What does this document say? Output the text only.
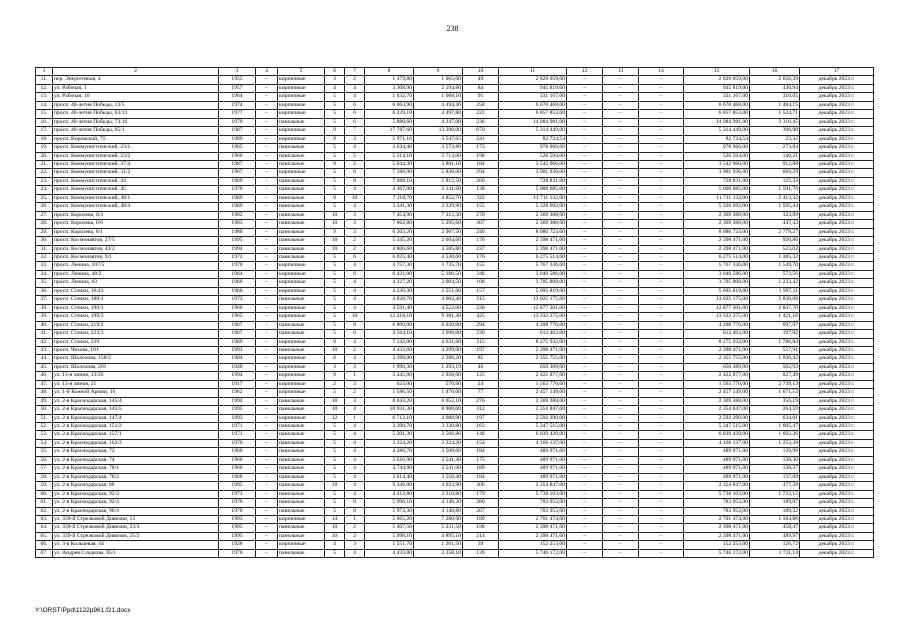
238
1	2	3	4	5	6	7	8	9	10	11	12	13	14	15	16	17
11.	пер. Энергетиков, 4	1955	–	кирпичные	3	2	1 479,80	1 065,00	49	2 829 059,00	–	–	–	2 829 059,00	2 656,39	декабрь 2023 г.
12.	ул. Рабочая, 1	1957	–	кирпичные	4	4	3 308,90	2 194,80	84	945 819,00	–	–	–	945 819,00	430,94	декабрь 2023 г.
13.	ул. Рабочая, 16	1964	–	кирпичные	5	4	1 632,70	1 068,10	91	331 167,00	–	–	–	331 167,00	310,05	декабрь 2023 г.
14.	просп. 40-летия Победы, 13/5	1974	–	кирпичные	5	6	6 064,90	4 494,46	258	6 670 468,00	–	–	–	6 670 468,00	1 484,15	декабрь 2023 г.
15.	просп. 40-летия Победы, 63/13	1977	–	кирпичные	5	6	6 239,10	4 497,80	222	6 857 853,00	–	–	–	6 857 853,00	1 524,71	декабрь 2023 г.
16.	просп. 40-летия Победы, 73/10	1979	–	панельные	5	6	5 880,60	4 247,00	236	14 084 981,00	–	–	–	14 084 981,00	3 316,45	декабрь 2023 г.
17.	просп. 40-летия Победы, 95/1	1987	–	кирпичные	9	7	17 787,60	13 390,00	670	5 314 449,00	–	–	–	5 314 449,00	396,90	декабрь 2023 г.
18.	просп. Кировский, 75	1989	–	кирпичные	9	3	5 971,16	3 547,65	241	82 724,54	–	–	–	82 724,54	23,32	декабрь 2023 г.
19.	просп. Коммунистический, 23/1	1965	–	панельные	5	4	3 634,40	3 573,80	173	978 966,00	–	–	–	978 966,00	273,84	декабрь 2023 г.
20.	просп. Коммунистический, 23/2	1966	–	панельные	5	5	5 314,10	3 713,00	198	520 594,00	–	–	–	520 594,00	140,21	декабрь 2023 г.
21.	просп. Коммунистический, 37/4	1987	–	панельные	9	2	5 044,30	3 881,10	184	3 542 966,00	–	–	–	3 542 966,00	912,88	декабрь 2023 г.
22.	просп. Коммунистический, 31/2	1967	–	кирпичные	5	8	7 188,90	5 830,00	294	3 901 936,00	–	–	–	3 901 936,00	669,29	декабрь 2023 г.
23.	просп. Коммунистический, 44	1969	–	панельные	5	8	7 688,10	5 815,50	260	728 831,00	–	–	–	728 831,00	125,33	декабрь 2023 г.
24.	просп. Коммунистический, 45	1970	–	панельные	5	4	4 367,00	3 141,60	138	5 000 685,00	–	–	–	5 000 685,00	1 591,76	декабрь 2023 г.
25.	просп. Коммунистический, 48/1	1969	–	панельные	9	10	7 118,70	4 852,70	322	11 711 132,00	–	–	–	11 711 132,00	2 413,32	декабрь 2023 г.
26.	просп. Коммунистический, 48/4	1969	–	панельные	5	4	3 341,30	3 339,90	155	5 328 692,00	–	–	–	5 328 692,00	1 595,44	декабрь 2023 г.
27.	просп. Королева, 6/3	1982	–	панельные	10	3	7 454,90	7 315,30	270	2 369 388,00	–	–	–	2 369 388,00	323,89	декабрь 2023 г.
28.	просп. Королева, 6/6	1983	–	панельные	10	3	7 062,80	5 295,60	307	2 369 388,00	–	–	–	2 369 388,00	447,43	декабрь 2023 г.
29.	просп. Королева, 8/1	1980	–	панельные	9	3	6 303,20	2 907,50	240	8 080 723,00	–	–	–	8 080 723,00	2 779,27	декабрь 2023 г.
30.	просп. Космонавтов, 27/5	1995	–	панельные	10	2	5 345,20	2 604,60	176	2 398 471,00	–	–	–	2 398 471,00	920,86	декабрь 2023 г.
31.	просп. Космонавтов, 43/2	1994	–	панельные	10	2	4 806,60	4 585,80	237	2 398 471,00	–	–	–	2 398 471,00	523,02	декабрь 2023 г.
32.	просп. Космонавтов, 9/1	1972	–	панельные	5	6	6 025,40	4 530,00	176	6 275 514,00	–	–	–	6 275 514,00	1 385,32	декабрь 2023 г.
33.	просп. Ленина, 107/5	1970	–	кирпичные	5	4	4 757,30	3 735,70	155	5 767 336,00	–	–	–	5 767 336,00	1 549,70	декабрь 2023 г.
34.	просп. Ленина, 48/2	1964	–	кирпичные	5	6	6 421,00	5 180,50	348	3 040 586,00	–	–	–	3 040 586,00	573,56	декабрь 2023 г.
35.	просп. Ленина, 63	1966	–	кирпичные	5	4	4 227,20	3 004,50	108	3 705 808,00	–	–	–	3 705 808,00	1 233,42	декабрь 2023 г.
36.	просп. Стачки, 16/43	1966	–	кирпичные	5	4	4 230,30	2 551,60	157	5 095 819,00	–	–	–	5 095 819,00	1 997,11	декабрь 2023 г.
37.	просп. Стачки, 180/1	1973	–	панельные	5	4	4 828,70	4 602,40	215	13 025 175,00	–	–	–	13 025 175,00	2 830,08	декабрь 2023 г.
38.	просп. Стачки, 190/1	1966	–	кирпичные	5	4	4 591,40	4 522,00	230	12 877 301,00	–	–	–	12 877 301,00	2 847,70	декабрь 2023 г.
39.	просп. Стачки, 199/3	1965	–	кирпичные	5	10	12 418,10	9 381,30	425	13 332 375,00	–	–	–	13 332 375,00	1 421,16	декабрь 2023 г.
40.	просп. Стачки, 219/2	1967	–	панельные	5	8	6 800,00	6 030,00	294	4 208 776,00	–	–	–	4 208 776,00	697,97	декабрь 2023 г.
41.	просп. Стачки, 223/3	1967	–	панельные	5	6	4 564,10	3 096,00	230	612 463,00	–	–	–	612 463,00	197,82	декабрь 2023 г.
42.	просп. Стачки, 229	1969	–	кирпичные	9	4	7 142,00	4 631,60	315	8 275 932,00	–	–	–	8 275 932,00	1 786,84	декабрь 2023 г.
43.	просп. Чехова, 101	1993	–	панельные	10	2	4 432,60	4 299,00	197	2 398 471,00	–	–	–	2 398 471,00	557,91	декабрь 2023 г.
44.	просп. Шолохова, 158/2	1984	–	кирпичные	6	4	3 398,00	2 286,20	85	2 355 755,00	–	–	–	2 355 755,00	1 030,42	декабрь 2023 г.
45.	просп. Шолохова, 201	1940	–	кирпичные	3	3	1 990,30	1 293,19	46	650 389,00	–	–	–	650 389,00	502,93	декабрь 2023 г.
46.	ул. 13-я линия, 13/26	1994	–	кирпичные	9	1	3 445,00	2 928,00	125	2 422 877,00	–	–	–	2 422 877,00	827,49	декабрь 2023 г.
47.	ул. 13-я линия, 21	1917	–	кирпичные	2	3	623,00	570,90	24	1 563 770,00	–	–	–	1 563 770,00	2 739,13	декабрь 2023 г.
48.	ул. 1-й Конной Армии, 16	1962	–	кирпичные	5	2	1 586,50	1 470,00	77	2 457 149,00	–	–	–	2 457 149,00	1 671,53	декабрь 2023 г.
49.	ул. 2-я Краснодарская, 145/4	1994	–	панельные	10	3	8 043,20	6 652,10	276	2 369 388,00	–	–	–	2 369 388,00	356,19	декабрь 2023 г.
50.	ул. 2-я Краснодарская, 145/5	1995	–	панельные	10	4	10 931,30	8 900,00	312	2 354 847,00	–	–	–	2 354 847,00	264,59	декабрь 2023 г.
51.	ул. 2-я Краснодарская, 147/4	1993	–	кирпичные	12	1	6 712,10	4 088,90	197	2 592 390,00	–	–	–	2 592 390,00	634,01	декабрь 2023 г.
52.	ул. 2-я Краснодарская, 151/2	1971	–	панельные	5	4	3 390,70	3 330,80	163	5 347 515,00	–	–	–	5 347 515,00	1 605,47	декабрь 2023 г.
53.	ул. 2-я Краснодарская, 157/1	1971	–	панельные	5	4	5 201,30	3 566,86	148	6 039 439,00	–	–	–	6 039 439,00	1 692,26	декабрь 2023 г.
54.	ул. 2-я Краснодарская, 163/3	1970	–	панельные	5	4	3 324,20	3 324,20	154	4 166 137,00	–	–	–	4 166 137,00	1 253,28	декабрь 2023 г.
55.	ул. 2-я Краснодарская, 72	1966	–	панельные	5	4	4 286,70	3 500,00	184	489 971,00	–	–	–	489 971,00	139,99	декабрь 2023 г.
56.	ул. 2-я Краснодарская, 74	1966	–	панельные	5	4	3 616,90	3 541,30	175	489 971,00	–	–	–	489 971,00	138,36	декабрь 2023 г.
57.	ул. 2-я Краснодарская, 78/1	1966	–	панельные	5	4	4 744,90	3 541,00	189	489 971,00	–	–	–	489 971,00	138,37	декабрь 2023 г.
58.	ул. 2-я Краснодарская, 78/2	1966	–	панельные	5	4	3 614,40	3 558,40	184	489 971,00	–	–	–	489 971,00	137,69	декабрь 2023 г.
59.	ул. 2-я Краснодарская, 86	1995	–	панельные	10	4	9 346,00	4 933,90	306	2 354 847,00	–	–	–	2 354 847,00	477,28	декабрь 2023 г.
60.	ул. 2-я Краснодарская, 92/3	1973	–	панельные	5	4	4 412,80	3 310,80	179	5 738 103,00	–	–	–	5 738 103,00	1 733,15	декабрь 2023 г.
61.	ул. 2-я Краснодарская, 92/4	1970	–	панельные	5	8	5 996,10	4 146,30	280	783 953,00	–	–	–	783 953,00	189,07	декабрь 2023 г.
62.	ул. 2-я Краснодарская, 96/3	1970	–	панельные	5	8	5 973,30	4 140,80	267	783 953,00	–	–	–	783 953,00	189,32	декабрь 2023 г.
63.	ул. 339-й Стрелковой Дивизии, 13	1993	–	кирпичные	14	1	5 665,20	7 280,00	189	2 701 474,00	–	–	–	2 701 474,00	1 184,86	декабрь 2023 г.
64.	ул. 339-й Стрелковой Дивизии, 23/3	1995	–	панельные	10	2	5 407,50	5 231,50	198	2 398 471,00	–	–	–	2 398 471,00	458,47	декабрь 2023 г.
65.	ул. 339-й Стрелковой Дивизии, 25/2	1995	–	панельные	10	2	5 098,10	4 895,10	214	2 398 471,00	–	–	–	2 398 471,00	489,97	декабрь 2023 г.
66.	ул. 3-я Кольцевая, 44	1928	–	кирпичные	4	3	1 551,70	1 201,50	39	152 253,00	–	–	–	152 253,00	126,72	декабрь 2023 г.
67.	ул. Андрея Сладкова, 85/1	1970	–	панельные	5	4	4 433,80	3 358,10	139	5 746 172,00	–	–	–	5 746 172,00	1 711,14	декабрь 2023 г.
Y:\ORST\Ppd\1122p961.f21.docx
